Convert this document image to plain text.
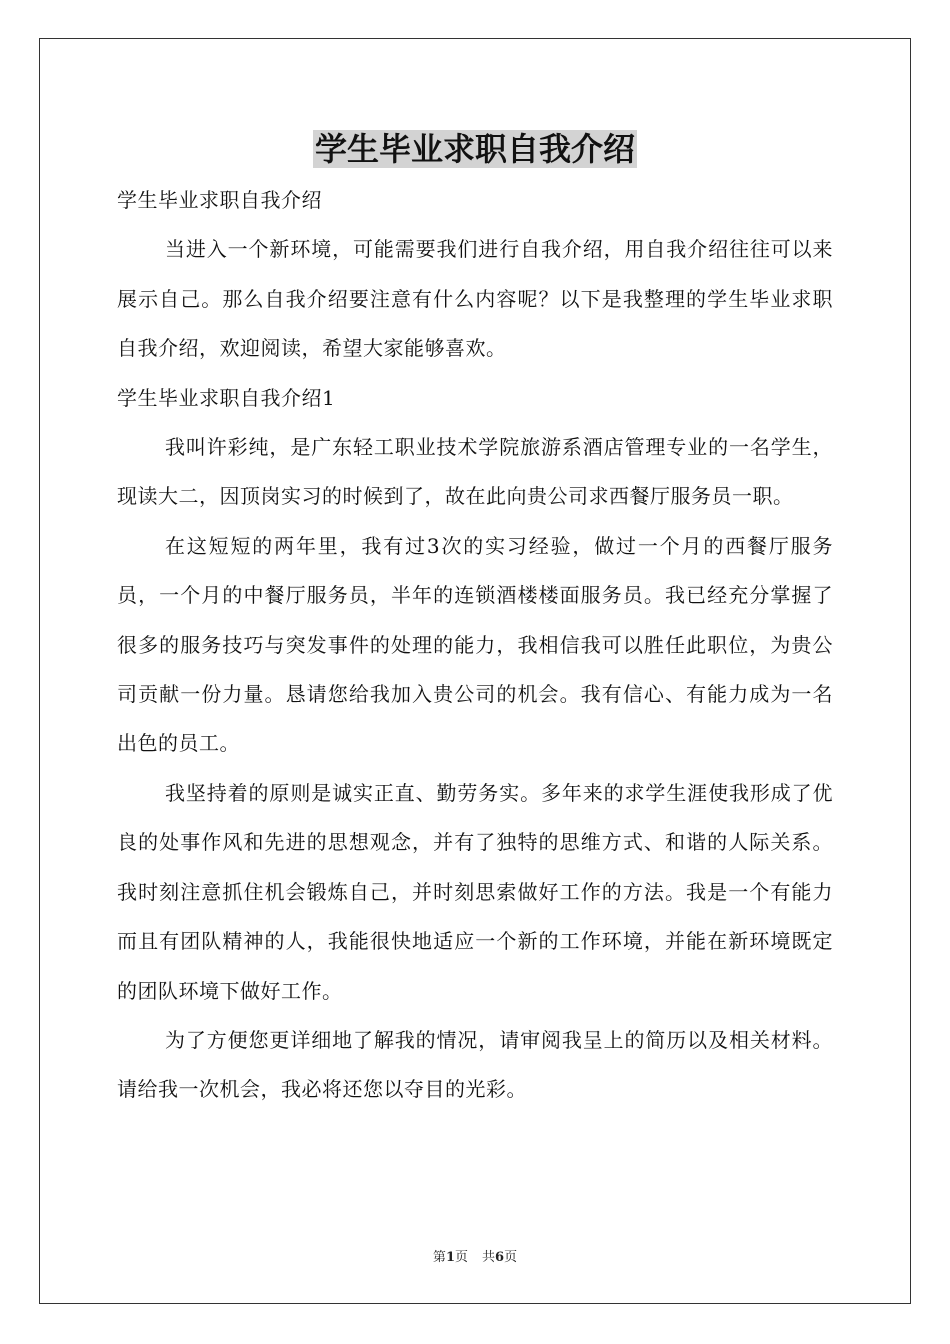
学生毕业求职自我介绍

学生毕业求职自我介绍

当进入一个新环境，可能需要我们进行自我介绍，用自我介绍往往可以来展示自己。那么自我介绍要注意有什么内容呢？以下是我整理的学生毕业求职自我介绍，欢迎阅读，希望大家能够喜欢。

学生毕业求职自我介绍1

我叫许彩纯，是广东轻工职业技术学院旅游系酒店管理专业的一名学生，现读大二，因顶岗实习的时候到了，故在此向贵公司求西餐厅服务员一职。

在这短短的两年里，我有过3次的实习经验，做过一个月的西餐厅服务员，一个月的中餐厅服务员，半年的连锁酒楼楼面服务员。我已经充分掌握了很多的服务技巧与突发事件的处理的能力，我相信我可以胜任此职位，为贵公司贡献一份力量。恳请您给我加入贵公司的机会。我有信心、有能力成为一名出色的员工。

我坚持着的原则是诚实正直、勤劳务实。多年来的求学生涯使我形成了优良的处事作风和先进的思想观念，并有了独特的思维方式、和谐的人际关系。我时刻注意抓住机会锻炼自己，并时刻思索做好工作的方法。我是一个有能力而且有团队精神的人，我能很快地适应一个新的工作环境，并能在新环境既定的团队环境下做好工作。

为了方便您更详细地了解我的情况，请审阅我呈上的简历以及相关材料。请给我一次机会，我必将还您以夺目的光彩。

第1页 共6页
